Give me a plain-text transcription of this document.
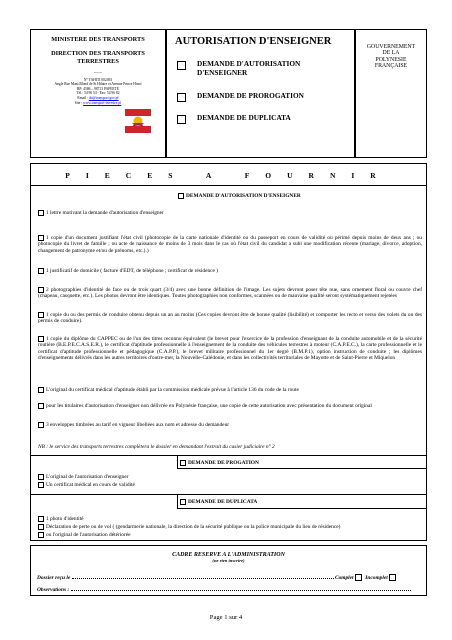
MINISTERE DES TRANSPORTS
DIRECTION DES TRANSPORTS
TERRESTRES
-------
N° TAHITI 002493
Angle Rue Mani Blond de St Hilaire et Avenue Prince Hinoï
BP: 4586 – 98713 PAPEETE
Tél.: 54 96 54 - Fax: 54 96 82
Email : dtt@transport.gov.pf
Site : www.transport-terrestre.pf
AUTORISATION D'ENSEIGNER
DEMANDE D'AUTORISATION
D'ENSEIGNER
DEMANDE DE PROROGATION
DEMANDE DE DUPLICATA
GOUVERNEMENT
DE LA
POLYNESIE
FRANÇAISE
PIECES A FOURNIR
DEMANDE D'AUTORISATION D'ENSEIGNER
1 lettre motivant la demande d'autorisation d'enseigner
1 copie d'un document justifiant l'état civil (photocopie de la carte nationale d'identité ou du passeport en cours de validité ou périmé depuis moins de deux ans ; ou photocopie du livret de famille ; ou acte de naissance de moins de 3 mois dans le cas où l'état civil du candidat a subi une modification récente (mariage, divorce, adoption, changement de patronyme et/ou de prénoms, etc.).)
1 justificatif de domicile ( facture d'EDT, de téléphone ; certificat de résidence )
2 photographies d'identité de face ou de trois quart (3/4) avec une bonne définition de l'image. Les sujets devront poser tête nue, sans ornement floral ou couvre chef (chapeau, casquette, etc.). Les photos devront être identiques. Toutes photographies non conformes, scannées ou de mauvaise qualité seront systématiquement rejetées
1 copie du ou des permis de conduire obtenu depuis un an au moins (Ces copies devront être de bonne qualité (lisibilité) et comporter les recto et verso des volets du ou des permis de conduire).
1 copie du diplôme du CAPPEC ou de l'un des titres reconnu équivalent (le brevet pour l'exercice de la profession d'enseignant de la conduite automobile et de la sécurité routière (B.E.P.E.C.A.S.E.R.), le certificat d'aptitude professionnelle à l'enseignement de la conduite des véhicules terrestres à moteur (C.A.P.E.C.), la carte professionnelle et le certificat d'aptitude professionnelle et pédagogique (C.A.P.P.), le brevet militaire professionnel du 1er degré (B.M.P.1), option instruction de conduite ; les diplômes d'enseignements délivrés dans les autres territoires d'outre-mer, la Nouvelle-Calédonie, et dans les collectivités territoriales de Mayotte et de Saint-Pierre et Miquelon
L'original du certificat médical d'aptitude établi par la commission médicale prévue à l'article 136 du code de la route
pour les titulaires d'autorisation d'enseigner non délivrée en Polynésie française, une copie de cette autorisation avec présentation du document original
3 enveloppes timbrées au tarif en vigueur libellées aux nom et adresse du demandeur
NB : le service des transports terrestres complètera le dossier en demandant l'extrait du casier judiciaire n° 2
DEMANDE DE PROGATION
L'original de l'autorisation d'enseigner
Un certificat médical en cours de validité
DEMANDE DE DUPLICATA
1 photo d'identité
Déclaration de perte ou de vol ( (gendarmerie nationale, la direction de la sécurité publique ou la police municipale du lieu de résidence)
ou l'original de l'autorisation détériorée
CADRE RESERVE A L'ADMINISTRATION
(ne rien inscrire)
Dossier reçu le	Complet Incomplet
Observations :
Page 1 sur 4
